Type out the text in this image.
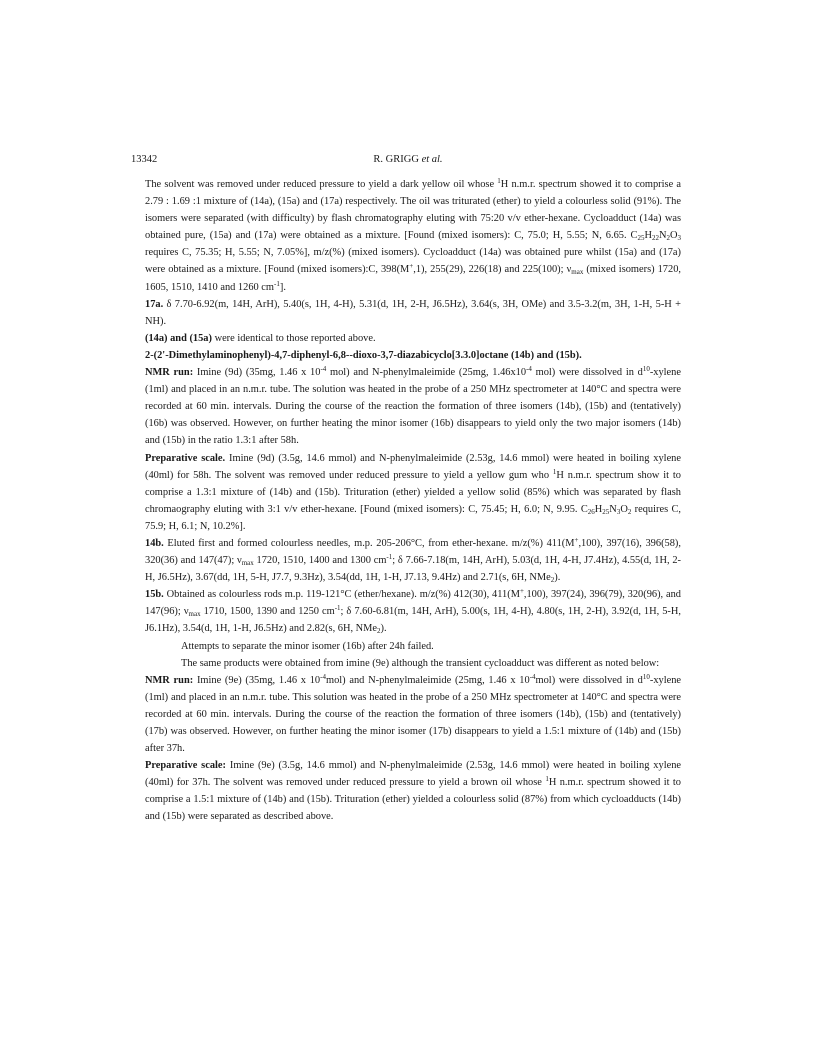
13342	R. GRIGG et al.

The solvent was removed under reduced pressure to yield a dark yellow oil whose $^1$H n.m.r. spectrum showed it to comprise a 2.79 : 1.69 :1 mixture of (14a), (15a) and (17a) respectively. The oil was triturated (ether) to yield a colourless solid (91%). The isomers were separated (with difficulty) by flash chromatography eluting with 75:20 v/v ether-hexane. Cycloadduct (14a) was obtained pure, (15a) and (17a) were obtained as a mixture. [Found (mixed isomers): C, 75.0; H, 5.55; N, 6.65. $C_{25}H_{22}N_2O_3$ requires C, 75.35; H, 5.55; N, 7.05%], m/z(%) (mixed isomers). Cycloadduct (14a) was obtained pure whilst (15a) and (17a) were obtained as a mixture. [Found (mixed isomers):C, 398(M+,1), 255(29), 226(18) and 225(100); $\nu_{max}$ (mixed isomers) 1720, 1605, 1510, 1410 and 1260 $cm^{-1}$].

17a. δ 7.70-6.92(m, 14H, ArH), 5.40(s, 1H, 4-H), 5.31(d, 1H, 2-H, J6.5Hz), 3.64(s, 3H, OMe) and 3.5-3.2(m, 3H, 1-H, 5-H + NH).

(14a) and (15a) were identical to those reported above.

2-(2'-Dimethylaminophenyl)-4,7-diphenyl-6,8--dioxo-3,7-diazabicyclo[3.3.0]octane (14b) and (15b).

NMR run: Imine (9d) (35mg, 1.46 x $10^{-4}$ mol) and N-phenylmaleimide (25mg, $1.46x10^{-4}$ mol) were dissolved in $d^{10}$-xylene (1ml) and placed in an n.m.r. tube. The solution was heated in the probe of a 250 MHz spectrometer at 140°C and spectra were recorded at 60 min. intervals. During the course of the reaction the formation of three isomers (14b), (15b) and (tentatively) (16b) was observed. However, on further heating the minor isomer (16b) disappears to yield only the two major isomers (14b) and (15b) in the ratio 1.3:1 after 58h.

Preparative scale. Imine (9d) (3.5g, 14.6 mmol) and N-phenylmaleimide (2.53g, 14.6 mmol) were heated in boiling xylene (40ml) for 58h. The solvent was removed under reduced pressure to yield a yellow gum who $^1$H n.m.r. spectrum show it to comprise a 1.3:1 mixture of (14b) and (15b). Trituration (ether) yielded a yellow solid (85%) which was separated by flash chromaography eluting with 3:1 v/v ether-hexane. [Found (mixed isomers): C, 75.45; H, 6.0; N, 9.95. $C_{26}H_{25}N_3O_2$ requires C, 75.9; H, 6.1; N, 10.2%].

14b. Eluted first and formed colourless needles, m.p. 205-206°C, from ether-hexane. m/z(%) 411(M+,100), 397(16), 396(58), 320(36) and 147(47); $\nu_{max}$ 1720, 1510, 1400 and 1300 $cm^{-1}$; δ 7.66-7.18(m, 14H, ArH), 5.03(d, 1H, 4-H, J7.4Hz), 4.55(d, 1H, 2-H, J6.5Hz), 3.67(dd, 1H, 5-H, J7.7, 9.3Hz), 3.54(dd, 1H, 1-H, J7.13, 9.4Hz) and 2.71(s, 6H, NMe$_2$).

15b. Obtained as colourless rods m.p. 119-121°C (ether/hexane). m/z(%) 412(30), 411(M+,100), 397(24), 396(79), 320(96), and 147(96); $\nu_{max}$ 1710, 1500, 1390 and 1250 $cm^{-1}$; δ 7.60-6.81(m, 14H, ArH), 5.00(s, 1H, 4-H), 4.80(s, 1H, 2-H), 3.92(d, 1H, 5-H, J6.1Hz), 3.54(d, 1H, 1-H, J6.5Hz) and 2.82(s, 6H, NMe$_2$).

Attempts to separate the minor isomer (16b) after 24h failed.

The same products were obtained from imine (9e) although the transient cycloadduct was different as noted below:

NMR run: Imine (9e) (35mg, 1.46 x $10^{-4}mol$) and N-phenylmaleimide (25mg, 1.46 x $10^{-4}mol$) were dissolved in $d^{10}$-xylene (1ml) and placed in an n.m.r. tube. This solution was heated in the probe of a 250 MHz spectrometer at 140°C and spectra were recorded at 60 min. intervals. During the course of the reaction the formation of three isomers (14b), (15b) and (tentatively) (17b) was observed. However, on further heating the minor isomer (17b) disappears to yield a 1.5:1 mixture of (14b) and (15b) after 37h.

Preparative scale: Imine (9e) (3.5g, 14.6 mmol) and N-phenylmaleimide (2.53g, 14.6 mmol) were heated in boiling xylene (40ml) for 37h. The solvent was removed under reduced pressure to yield a brown oil whose $^1$H n.m.r. spectrum showed it to comprise a 1.5:1 mixture of (14b) and (15b). Trituration (ether) yielded a colourless solid (87%) from which cycloadducts (14b) and (15b) were separated as described above.
